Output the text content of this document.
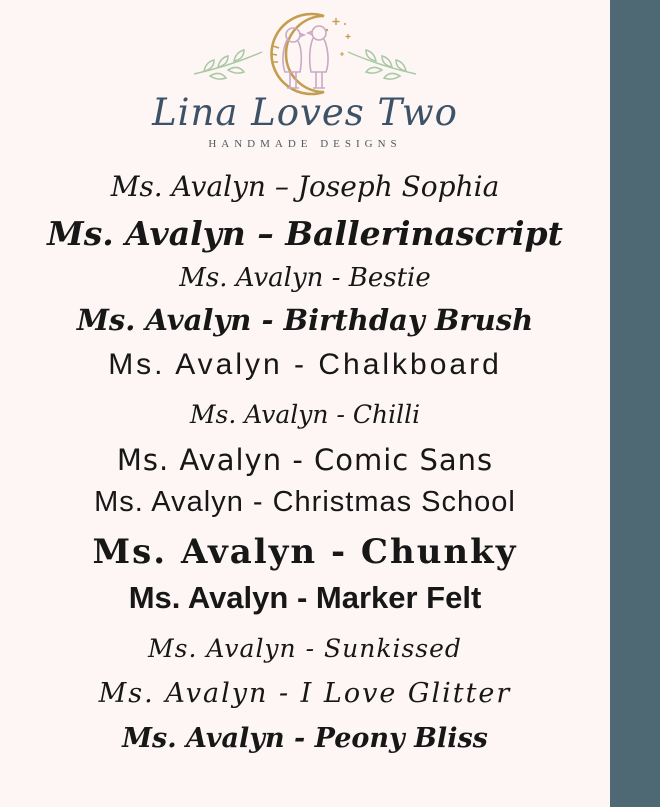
Lina Loves Two
HANDMADE DESIGNS
Ms. Avalyn – Joseph Sophia
Ms. Avalyn – Ballerinascript
Ms. Avalyn - Bestie
Ms. Avalyn - Birthday Brush
Ms. Avalyn - Chalkboard
Ms. Avalyn - Chilli
Ms. Avalyn - Comic Sans
Ms. Avalyn - Christmas School
Ms. Avalyn - Chunky
Ms. Avalyn - Marker Felt
Ms. Avalyn - Sunkissed
Ms. Avalyn - I Love Glitter
Ms. Avalyn - Peony Bliss
